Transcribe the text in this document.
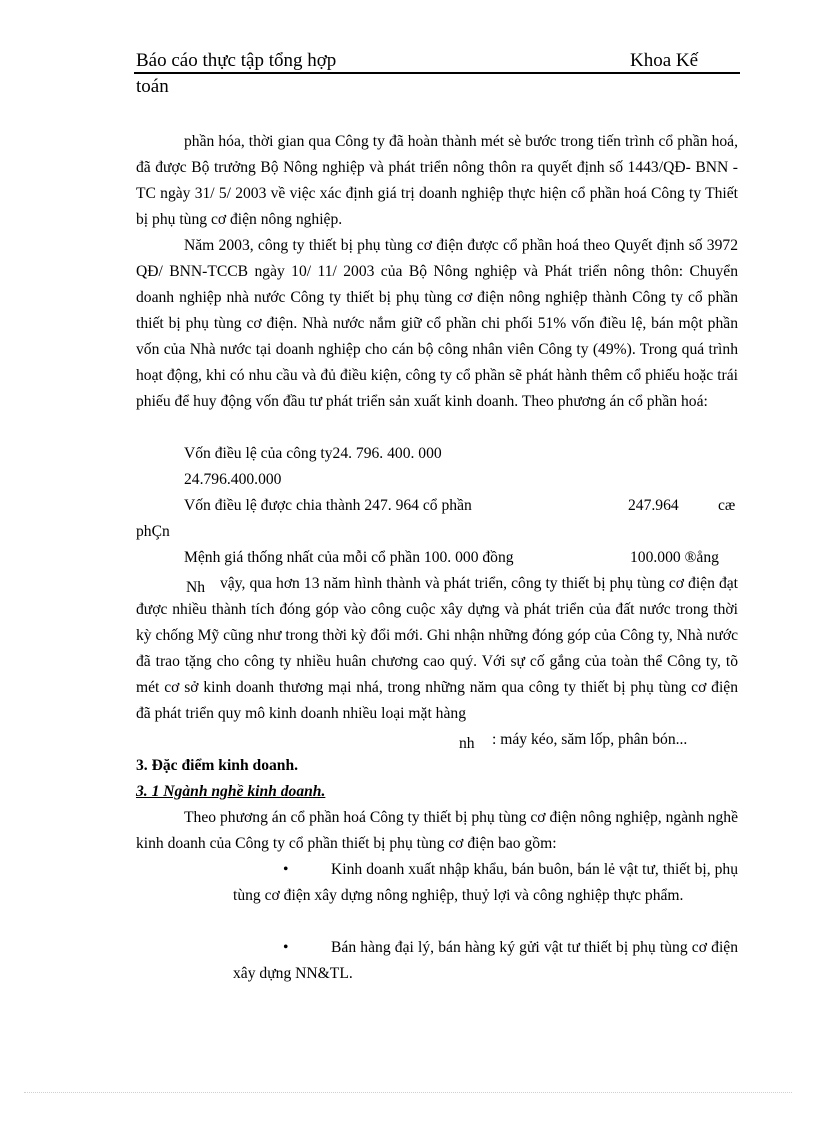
Báo cáo thực tập tổng hợp	Khoa Kế
toán

phần hóa, thời gian qua Công ty đã hoàn thành mét sè bước trong tiến trình cổ phần hoá, đã được Bộ trưởng Bộ Nông nghiệp và phát triển nông thôn ra quyết định số 1443/QĐ- BNN - TC ngày 31/ 5/ 2003 về việc xác định giá trị doanh nghiệp thực hiện cổ phần hoá Công ty Thiết bị phụ tùng cơ điện nông nghiệp.

Năm 2003, công ty thiết bị phụ tùng cơ điện được cổ phần hoá theo Quyết định số 3972 QĐ/ BNN-TCCB ngày 10/ 11/ 2003 của Bộ Nông nghiệp và Phát triển nông thôn: Chuyển doanh nghiệp nhà nước Công ty thiết bị phụ tùng cơ điện nông nghiệp thành Công ty cổ phần thiết bị phụ tùng cơ điện. Nhà nước nắm giữ cổ phần chi phối 51% vốn điều lệ, bán một phần vốn của Nhà nước tại doanh nghiệp cho cán bộ công nhân viên Công ty (49%). Trong quá trình hoạt động, khi có nhu cầu và đủ điều kiện, công ty cổ phần sẽ phát hành thêm cổ phiếu hoặc trái phiếu để huy động vốn đầu tư phát triển sản xuất kinh doanh. Theo phương án cổ phần hoá:

Vốn điều lệ của công ty24. 796. 400. 000
24.796.400.000
Vốn điều lệ được chia thành 247. 964 cổ phần	247.964	cæ
phÇn
Mệnh giá thống nhất của mỗi cổ phần 100. 000 đồng	100.000 ®ång
Nh vậy, qua hơn 13 năm hình thành và phát triển, công ty thiết bị phụ tùng cơ điện đạt được nhiều thành tích đóng góp vào công cuộc xây dựng và phát triển của đất nước trong thời kỳ chống Mỹ cũng như trong thời kỳ đổi mới. Ghi nhận những đóng góp của Công ty, Nhà nước đã trao tặng cho công ty nhiều huân chương cao quý. Với sự cố gắng của toàn thể Công ty, tõ mét cơ sở kinh doanh thương mại nhá, trong những năm qua công ty thiết bị phụ tùng cơ điện đã phát triển quy mô kinh doanh nhiều loại mặt hàng

nh : máy kéo, săm lốp, phân bón...
3. Đặc điểm kinh doanh.
3. 1 Ngành nghề kinh doanh.

Theo phương án cổ phần hoá Công ty thiết bị phụ tùng cơ điện nông nghiệp, ngành nghề kinh doanh của Công ty cổ phần thiết bị phụ tùng cơ điện bao gồm:

•	Kinh doanh xuất nhập khẩu, bán buôn, bán lẻ vật tư, thiết bị, phụ tùng cơ điện xây dựng nông nghiệp, thuỷ lợi và công nghiệp thực phẩm.
•	Bán hàng đại lý, bán hàng ký gửi vật tư thiết bị phụ tùng cơ điện xây dựng NN&TL.
